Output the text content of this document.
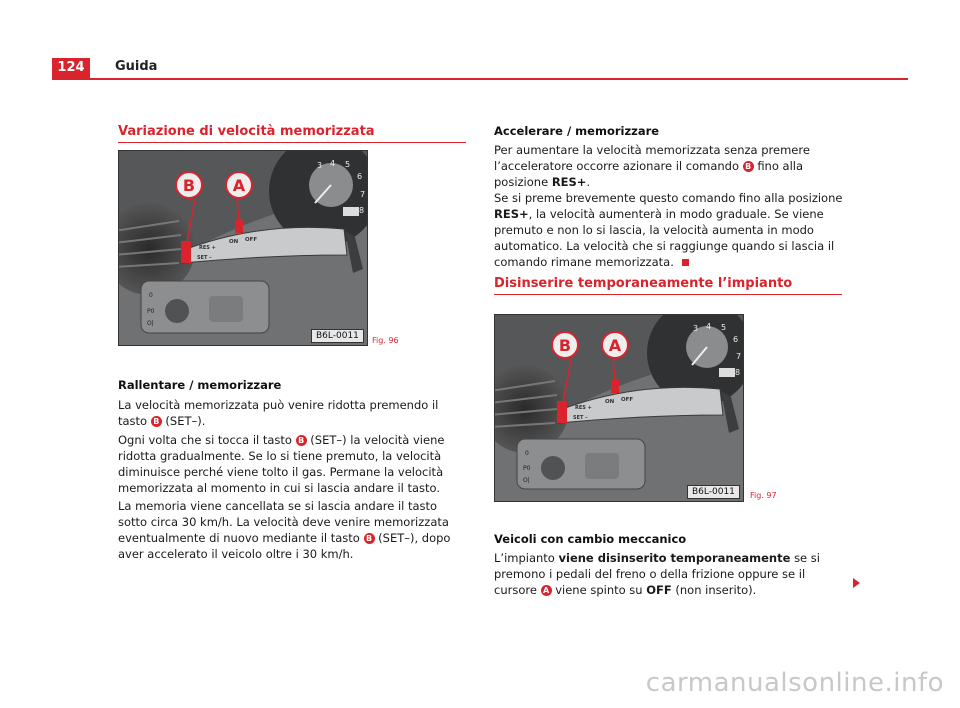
124	Guida
Variazione di velocità memorizzata
3 4 5
6
7
8
ON OFF
RES +
SET –
0
P0
O|
B A
B6L-0011	Fig. 96
Rallentare / memorizzare
La velocità memorizzata può venire ridotta premendo il tasto B (SET–).
Ogni volta che si tocca il tasto B (SET–) la velocità viene ridotta gradualmente. Se lo si tiene premuto, la velocità diminuisce perché viene tolto il gas. Permane la velocità memorizzata al momento in cui si lascia andare il tasto.
La memoria viene cancellata se si lascia andare il tasto sotto circa 30 km/h. La velocità deve venire memorizzata eventualmente di nuovo mediante il tasto B (SET–), dopo aver accelerato il veicolo oltre i 30 km/h.
Accelerare / memorizzare
Per aumentare la velocità memorizzata senza premere l’acceleratore occorre azionare il comando B fino alla posizione RES+.
Se si preme brevemente questo comando fino alla posizione RES+, la velocità aumenterà in modo graduale. Se viene premuto e non lo si lascia, la velocità aumenta in modo automatico. La velocità che si raggiunge quando si lascia il comando rimane memorizzata.
Disinserire temporaneamente l’impianto
3 4 5
6
7
8
ON OFF
RES +
SET –
0
P0
O|
B A
B6L-0011	Fig. 97
Veicoli con cambio meccanico
L’impianto viene disinserito temporaneamente se si premono i pedali del freno o della frizione oppure se il cursore A viene spinto su OFF (non inserito).
carmanualsonline.info
